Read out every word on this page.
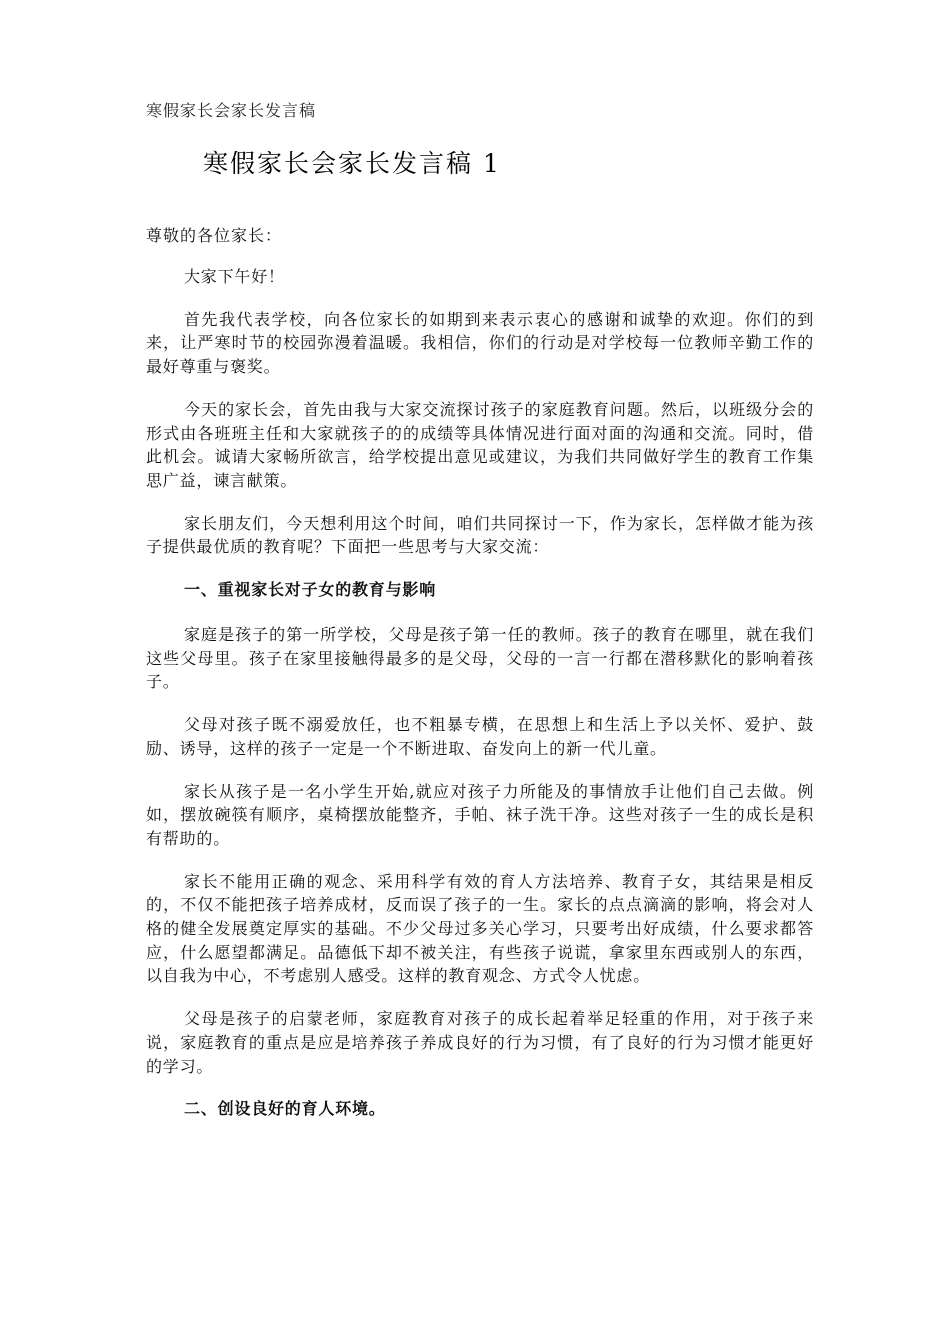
寒假家长会家长发言稿
寒假家长会家长发言稿 1

尊敬的各位家长：

大家下午好！

首先我代表学校，向各位家长的如期到来表示衷心的感谢和诚挚的欢迎。你们的到来，让严寒时节的校园弥漫着温暖。我相信，你们的行动是对学校每一位教师辛勤工作的最好尊重与褒奖。

今天的家长会，首先由我与大家交流探讨孩子的家庭教育问题。然后，以班级分会的形式由各班班主任和大家就孩子的的成绩等具体情况进行面对面的沟通和交流。同时，借此机会。诚请大家畅所欲言，给学校提出意见或建议，为我们共同做好学生的教育工作集思广益，谏言献策。

家长朋友们，今天想利用这个时间，咱们共同探讨一下，作为家长，怎样做才能为孩子提供最优质的教育呢？下面把一些思考与大家交流：

一、重视家长对子女的教育与影响

家庭是孩子的第一所学校，父母是孩子第一任的教师。孩子的教育在哪里，就在我们这些父母里。孩子在家里接触得最多的是父母，父母的一言一行都在潜移默化的影响着孩子。

父母对孩子既不溺爱放任，也不粗暴专横，在思想上和生活上予以关怀、爱护、鼓励、诱导，这样的孩子一定是一个不断进取、奋发向上的新一代儿童。

家长从孩子是一名小学生开始,就应对孩子力所能及的事情放手让他们自己去做。例如，摆放碗筷有顺序，桌椅摆放能整齐，手帕、袜子洗干净。这些对孩子一生的成长是积有帮助的。

家长不能用正确的观念、采用科学有效的育人方法培养、教育子女，其结果是相反的，不仅不能把孩子培养成材，反而误了孩子的一生。家长的点点滴滴的影响，将会对人格的健全发展奠定厚实的基础。不少父母过多关心学习，只要考出好成绩，什么要求都答应，什么愿望都满足。品德低下却不被关注，有些孩子说谎，拿家里东西或别人的东西，以自我为中心，不考虑别人感受。这样的教育观念、方式令人忧虑。

父母是孩子的启蒙老师，家庭教育对孩子的成长起着举足轻重的作用，对于孩子来说，家庭教育的重点是应是培养孩子养成良好的行为习惯，有了良好的行为习惯才能更好的学习。

二、创设良好的育人环境。
